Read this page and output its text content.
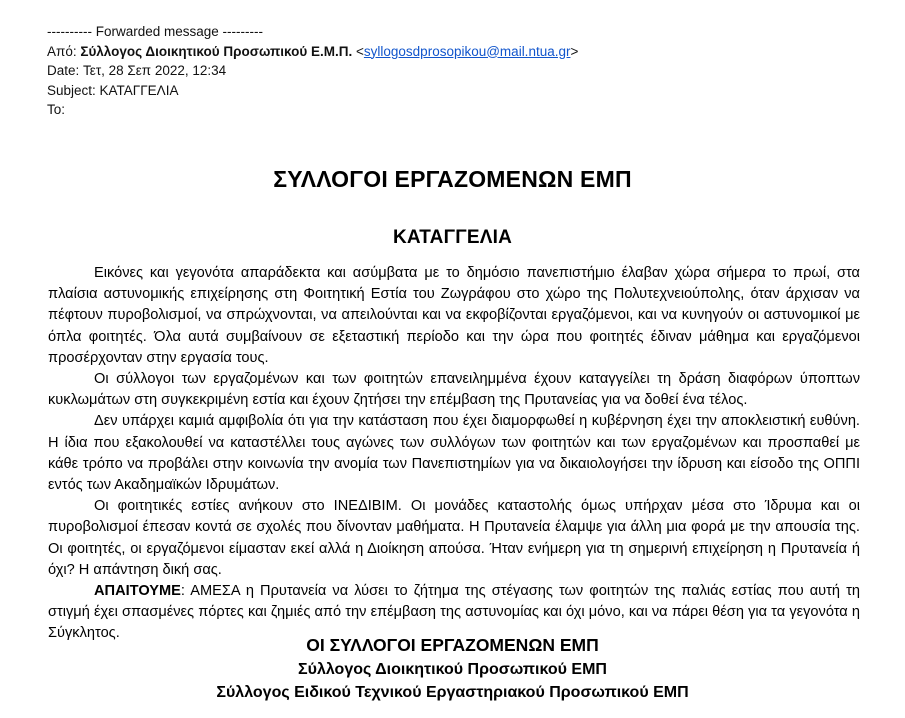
---------- Forwarded message ---------
Από: Σύλλογος Διοικητικού Προσωπικού Ε.Μ.Π. <syllogosdprosopikou@mail.ntua.gr>
Date: Τετ, 28 Σεπ 2022, 12:34
Subject: ΚΑΤΑΓΓΕΛΙΑ
To:
ΣΥΛΛΟΓΟΙ ΕΡΓΑΖΟΜΕΝΩΝ ΕΜΠ
ΚΑΤΑΓΓΕΛΙΑ

Εικόνες και γεγονότα απαράδεκτα και ασύμβατα με το δημόσιο πανεπιστήμιο έλαβαν χώρα σήμερα το πρωί, στα πλαίσια αστυνομικής επιχείρησης στη Φοιτητική Εστία του Ζωγράφου στο χώρο της Πολυτεχνειούπολης, όταν άρχισαν να πέφτουν πυροβολισμοί, να σπρώχνονται, να απειλούνται και να εκφοβίζονται εργαζόμενοι, και να κυνηγούν οι αστυνομικοί με όπλα φοιτητές. Όλα αυτά συμβαίνουν σε εξεταστική περίοδο και την ώρα που φοιτητές έδιναν μάθημα και εργαζόμενοι προσέρχονταν στην εργασία τους.

Οι σύλλογοι των εργαζομένων και των φοιτητών επανειλημμένα έχουν καταγγείλει τη δράση διαφόρων ύποπτων κυκλωμάτων στη συγκεκριμένη εστία και έχουν ζητήσει την επέμβαση της Πρυτανείας για να δοθεί ένα τέλος.

Δεν υπάρχει καμιά αμφιβολία ότι για την κατάσταση που έχει διαμορφωθεί η κυβέρνηση έχει την αποκλειστική ευθύνη. Η ίδια που εξακολουθεί να καταστέλλει τους αγώνες των συλλόγων των φοιτητών και των εργαζομένων και προσπαθεί με κάθε τρόπο να προβάλει στην κοινωνία την ανομία των Πανεπιστημίων για να δικαιολογήσει την ίδρυση και είσοδο της ΟΠΠΙ εντός των Ακαδημαϊκών Ιδρυμάτων.

Οι φοιτητικές εστίες ανήκουν στο ΙΝΕΔΙΒΙΜ. Οι μονάδες καταστολής όμως υπήρχαν μέσα στο Ίδρυμα και οι πυροβολισμοί έπεσαν κοντά σε σχολές που δίνονταν μαθήματα. Η Πρυτανεία έλαμψε για άλλη μια φορά με την απουσία της. Οι φοιτητές, οι εργαζόμενοι είμασταν εκεί αλλά η Διοίκηση απούσα. Ήταν ενήμερη για τη σημερινή επιχείρηση η Πρυτανεία ή όχι? Η απάντηση δική σας.

ΑΠΑΙΤΟΥΜΕ: ΑΜΕΣΑ η Πρυτανεία να λύσει το ζήτημα της στέγασης των φοιτητών της παλιάς εστίας που αυτή τη στιγμή έχει σπασμένες πόρτες και ζημιές από την επέμβαση της αστυνομίας και όχι μόνο, και να πάρει θέση για τα γεγονότα η Σύγκλητος.

ΟΙ ΣΥΛΛΟΓΟΙ ΕΡΓΑΖΟΜΕΝΩΝ ΕΜΠ
Σύλλογος Διοικητικού Προσωπικού ΕΜΠ
Σύλλογος Ειδικού Τεχνικού Εργαστηριακού Προσωπικού ΕΜΠ
